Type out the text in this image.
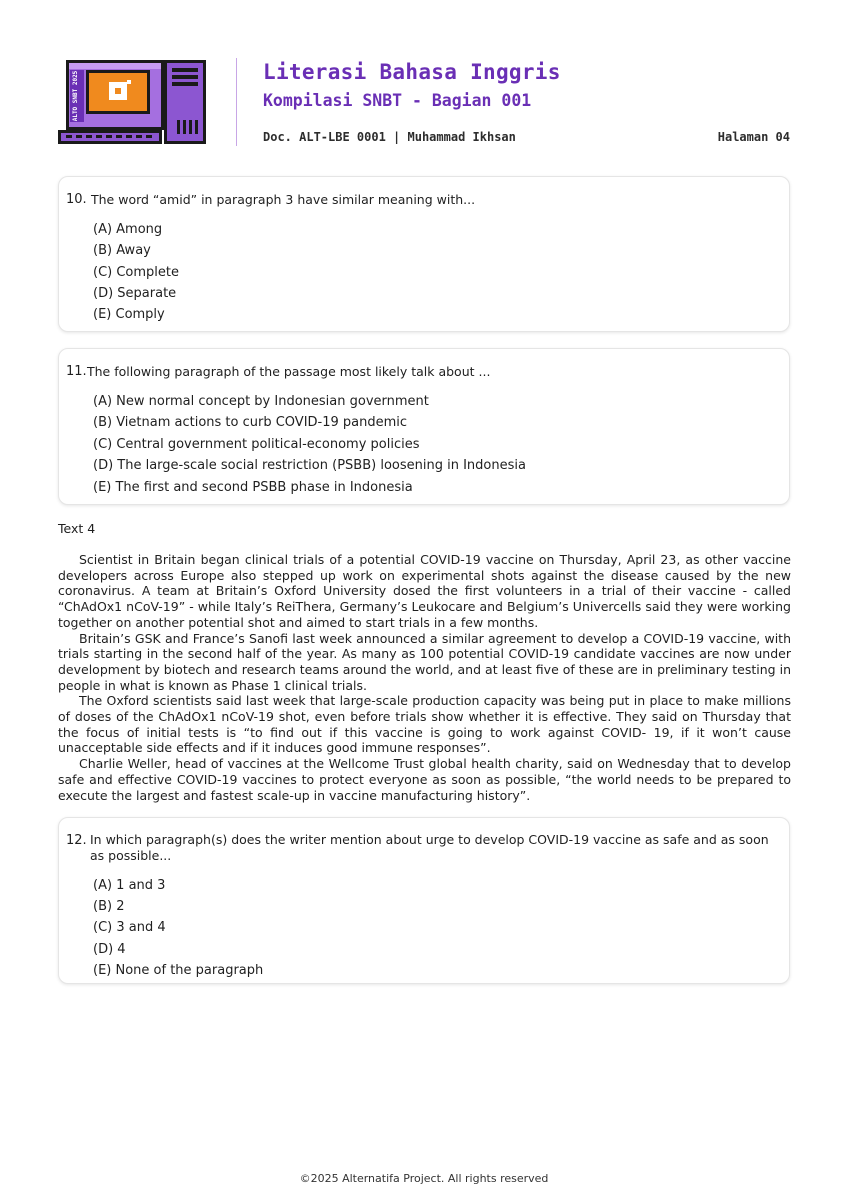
ALTO SNBT 2025	Literasi Bahasa Inggris
Kompilasi SNBT - Bagian 001
Doc. ALT-LBE 0001 | Muhammad Ikhsan	Halaman 04
10. The word “amid” in paragraph 3 have similar meaning with...
(A) Among
(B) Away
(C) Complete
(D) Separate
(E) Comply
11. The following paragraph of the passage most likely talk about ...
(A) New normal concept by Indonesian government
(B) Vietnam actions to curb COVID-19 pandemic
(C) Central government political-economy policies
(D) The large-scale social restriction (PSBB) loosening in Indonesia
(E) The first and second PSBB phase in Indonesia
Text 4

Scientist in Britain began clinical trials of a potential COVID-19 vaccine on Thursday, April 23, as other vaccine developers across Europe also stepped up work on experimental shots against the disease caused by the new coronavirus. A team at Britain’s Oxford University dosed the first volunteers in a trial of their vaccine - called “ChAdOx1 nCoV-19” - while Italy’s ReiThera, Germany’s Leukocare and Belgium’s Univercells said they were working together on another potential shot and aimed to start trials in a few months.

Britain’s GSK and France’s Sanofi last week announced a similar agreement to develop a COVID-19 vaccine, with trials starting in the second half of the year. As many as 100 potential COVID-19 candidate vaccines are now under development by biotech and research teams around the world, and at least five of these are in preliminary testing in people in what is known as Phase 1 clinical trials.

The Oxford scientists said last week that large-scale production capacity was being put in place to make millions of doses of the ChAdOx1 nCoV-19 shot, even before trials show whether it is effective. They said on Thursday that the focus of initial tests is “to find out if this vaccine is going to work against COVID- 19, if it won’t cause unacceptable side effects and if it induces good immune responses”.

Charlie Weller, head of vaccines at the Wellcome Trust global health charity, said on Wednesday that to develop safe and effective COVID-19 vaccines to protect everyone as soon as possible, “the world needs to be prepared to execute the largest and fastest scale-up in vaccine manufacturing history”.

12. In which paragraph(s) does the writer mention about urge to develop COVID-19 vaccine as safe and as soon as possible...
(A) 1 and 3
(B) 2
(C) 3 and 4
(D) 4
(E) None of the paragraph
©2025 Alternatifa Project. All rights reserved
